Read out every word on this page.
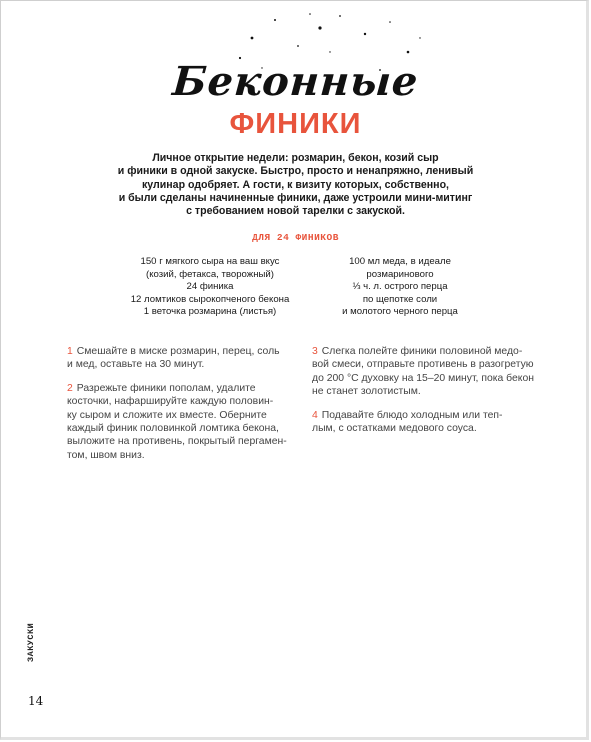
Беконные
ФИНИКИ
Личное открытие недели: розмарин, бекон, козий сыр
и финики в одной закуске. Быстро, просто и ненапряжно, ленивый
кулинар одобряет. А гости, к визиту которых, собственно,
и были сделаны начиненные финики, даже устроили мини-митинг
с требованием новой тарелки с закуской.
ДЛЯ 24 ФИНИКОВ
150 г мягкого сыра на ваш вкус
(козий, фетакса, творожный)
24 финика
12 ломтиков сырокопченого бекона
1 веточка розмарина (листья)
100 мл меда, в идеале
розмаринового
⅓ ч. л. острого перца
по щепотке соли
и молотого черного перца
1 Смешайте в миске розмарин, перец, соль
и мед, оставьте на 30 минут.
2 Разрежьте финики пополам, удалите
косточки, нафаршируйте каждую половин-
ку сыром и сложите их вместе. Оберните
каждый финик половинкой ломтика бекона,
выложите на противень, покрытый пергамен-
том, швом вниз.
3 Слегка полейте финики половиной медо-
вой смеси, отправьте противень в разогретую
до 200 °С духовку на 15–20 минут, пока бекон
не станет золотистым.
4 Подавайте блюдо холодным или теп-
лым, с остатками медового соуса.
ЗАКУСКИ
14
